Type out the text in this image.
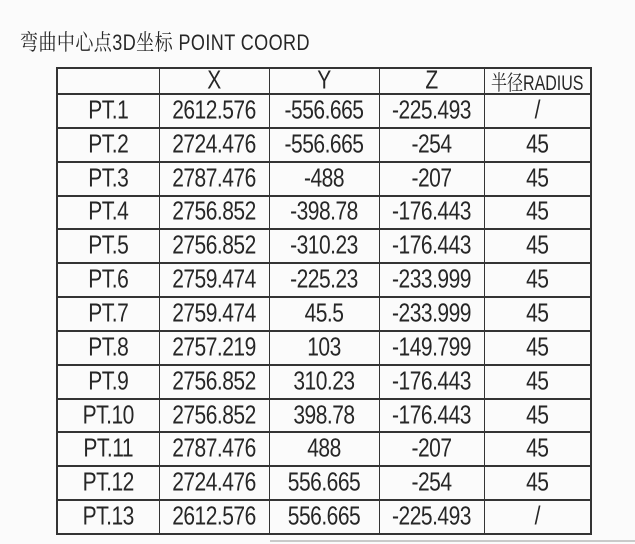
弯曲中心点3D坐标 POINT COORD
	X	Y	Z	半径RADIUS
PT.1	2612.576	-556.665	-225.493	/
PT.2	2724.476	-556.665	-254	45
PT.3	2787.476	-488	-207	45
PT.4	2756.852	-398.78	-176.443	45
PT.5	2756.852	-310.23	-176.443	45
PT.6	2759.474	-225.23	-233.999	45
PT.7	2759.474	45.5	-233.999	45
PT.8	2757.219	103	-149.799	45
PT.9	2756.852	310.23	-176.443	45
PT.10	2756.852	398.78	-176.443	45
PT.11	2787.476	488	-207	45
PT.12	2724.476	556.665	-254	45
PT.13	2612.576	556.665	-225.493	/
